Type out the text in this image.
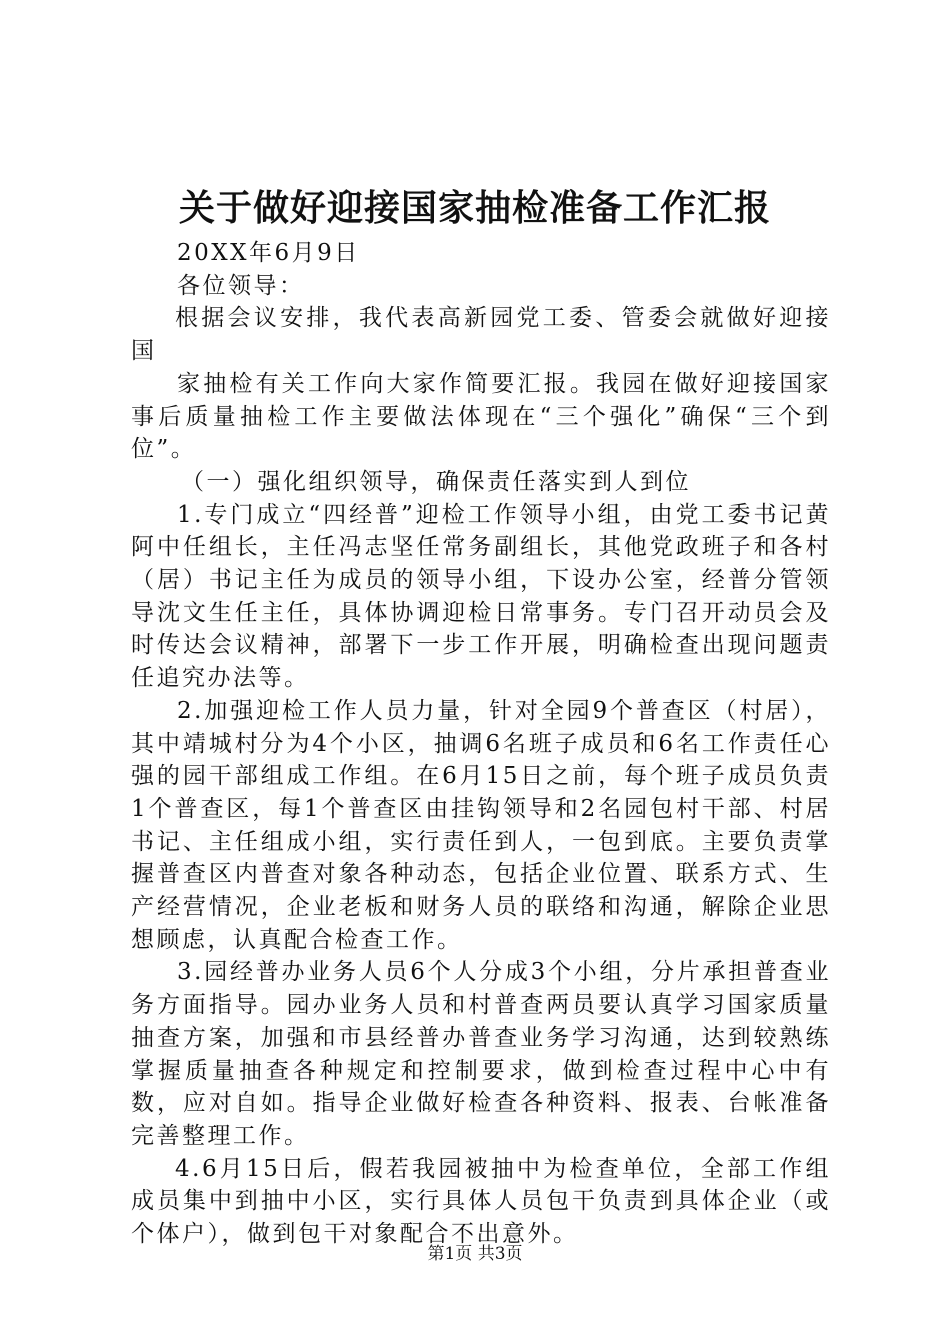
关于做好迎接国家抽检准备工作汇报

20XX年6月9日

各位领导：

根据会议安排，我代表高新园党工委、管委会就做好迎接国

家抽检有关工作向大家作简要汇报。我园在做好迎接国家事后质量抽检工作主要做法体现在“三个强化”确保“三个到位”。

（一）强化组织领导，确保责任落实到人到位

1.专门成立“四经普”迎检工作领导小组，由党工委书记黄阿中任组长，主任冯志坚任常务副组长，其他党政班子和各村（居）书记主任为成员的领导小组，下设办公室，经普分管领导沈文生任主任，具体协调迎检日常事务。专门召开动员会及时传达会议精神，部署下一步工作开展，明确检查出现问题责任追究办法等。

2.加强迎检工作人员力量，针对全园9个普查区（村居），其中靖城村分为4个小区，抽调6名班子成员和6名工作责任心强的园干部组成工作组。在6月15日之前，每个班子成员负责1个普查区，每1个普查区由挂钩领导和2名园包村干部、村居书记、主任组成小组，实行责任到人，一包到底。主要负责掌握普查区内普查对象各种动态，包括企业位置、联系方式、生产经营情况，企业老板和财务人员的联络和沟通，解除企业思想顾虑，认真配合检查工作。

3.园经普办业务人员6个人分成3个小组，分片承担普查业务方面指导。园办业务人员和村普查两员要认真学习国家质量抽查方案，加强和市县经普办普查业务学习沟通，达到较熟练掌握质量抽查各种规定和控制要求，做到检查过程中心中有数，应对自如。指导企业做好检查各种资料、报表、台帐准备完善整理工作。

4.6月15日后，假若我园被抽中为检查单位，全部工作组成员集中到抽中小区，实行具体人员包干负责到具体企业（或个体户），做到包干对象配合不出意外。

第1页 共3页
